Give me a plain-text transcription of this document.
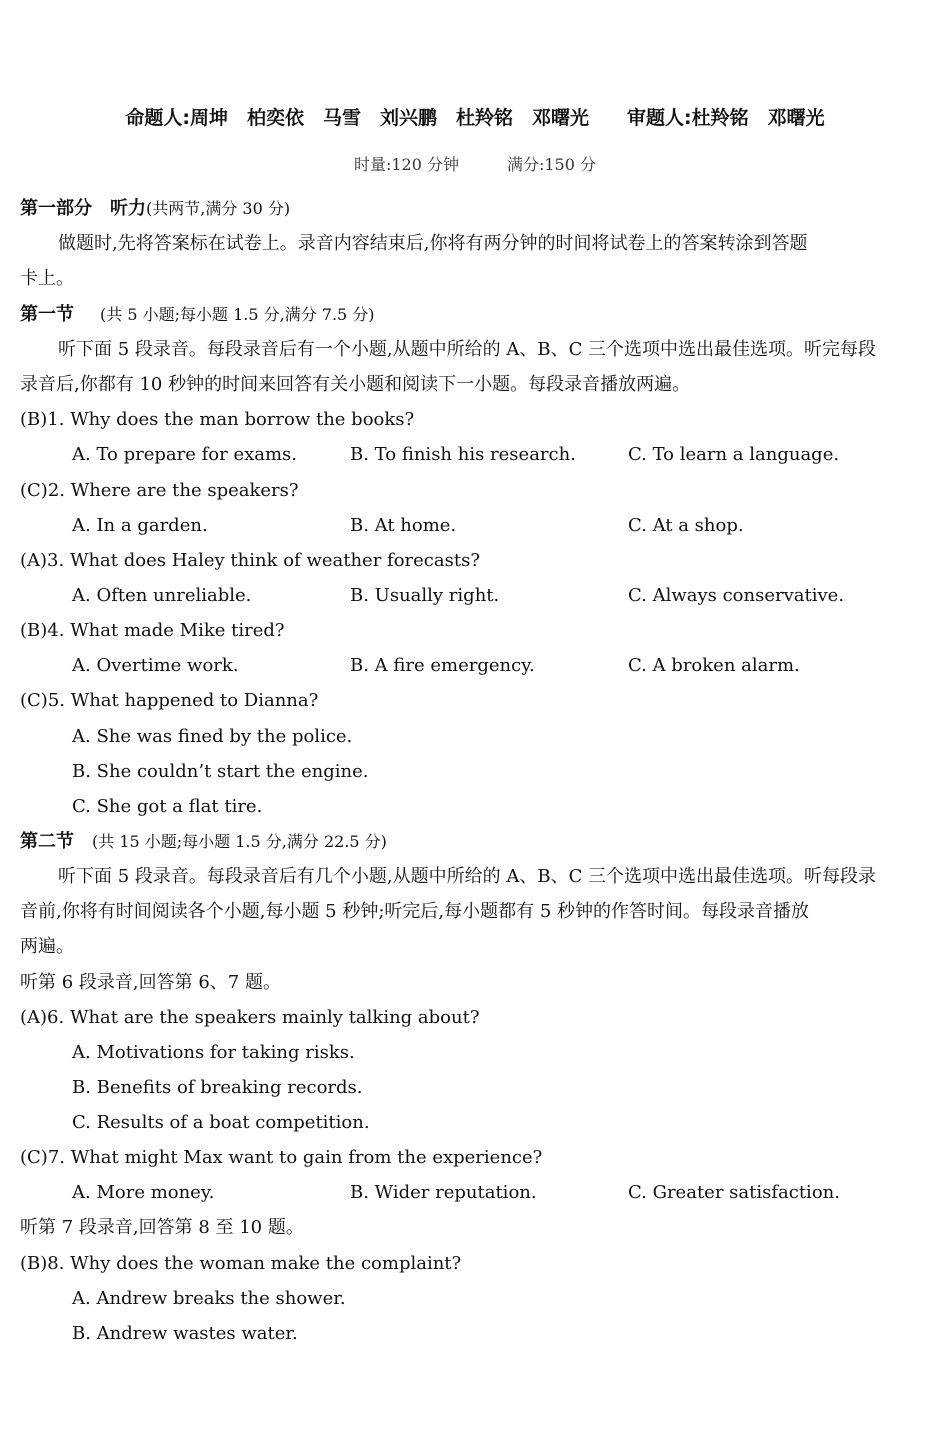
命题人:周坤　柏奕依　马雪　刘兴鹏　杜羚铭　邓曙光　　审题人:杜羚铭　邓曙光
时量:120 分钟　　　满分:150 分
第一部分　听力(共两节,满分 30 分)
做题时,先将答案标在试卷上。录音内容结束后,你将有两分钟的时间将试卷上的答案转涂到答题
卡上。
第一节 (共 5 小题;每小题 1.5 分,满分 7.5 分)
听下面 5 段录音。每段录音后有一个小题,从题中所给的 A、B、C 三个选项中选出最佳选项。听完每段
录音后,你都有 10 秒钟的时间来回答有关小题和阅读下一小题。每段录音播放两遍。
(B)1. Why does the man borrow the books?
A. To prepare for exams.	B. To finish his research.	C. To learn a language.
(C)2. Where are the speakers?
A. In a garden.	B. At home.	C. At a shop.
(A)3. What does Haley think of weather forecasts?
A. Often unreliable.	B. Usually right.	C. Always conservative.
(B)4. What made Mike tired?
A. Overtime work.	B. A fire emergency.	C. A broken alarm.
(C)5. What happened to Dianna?
A. She was fined by the police.
B. She couldn’t start the engine.
C. She got a flat tire.
第二节 (共 15 小题;每小题 1.5 分,满分 22.5 分)
听下面 5 段录音。每段录音后有几个小题,从题中所给的 A、B、C 三个选项中选出最佳选项。听每段录
音前,你将有时间阅读各个小题,每小题 5 秒钟;听完后,每小题都有 5 秒钟的作答时间。每段录音播放
两遍。
听第 6 段录音,回答第 6、7 题。
(A)6. What are the speakers mainly talking about?
A. Motivations for taking risks.
B. Benefits of breaking records.
C. Results of a boat competition.
(C)7. What might Max want to gain from the experience?
A. More money.	B. Wider reputation.	C. Greater satisfaction.
听第 7 段录音,回答第 8 至 10 题。
(B)8. Why does the woman make the complaint?
A. Andrew breaks the shower.
B. Andrew wastes water.
